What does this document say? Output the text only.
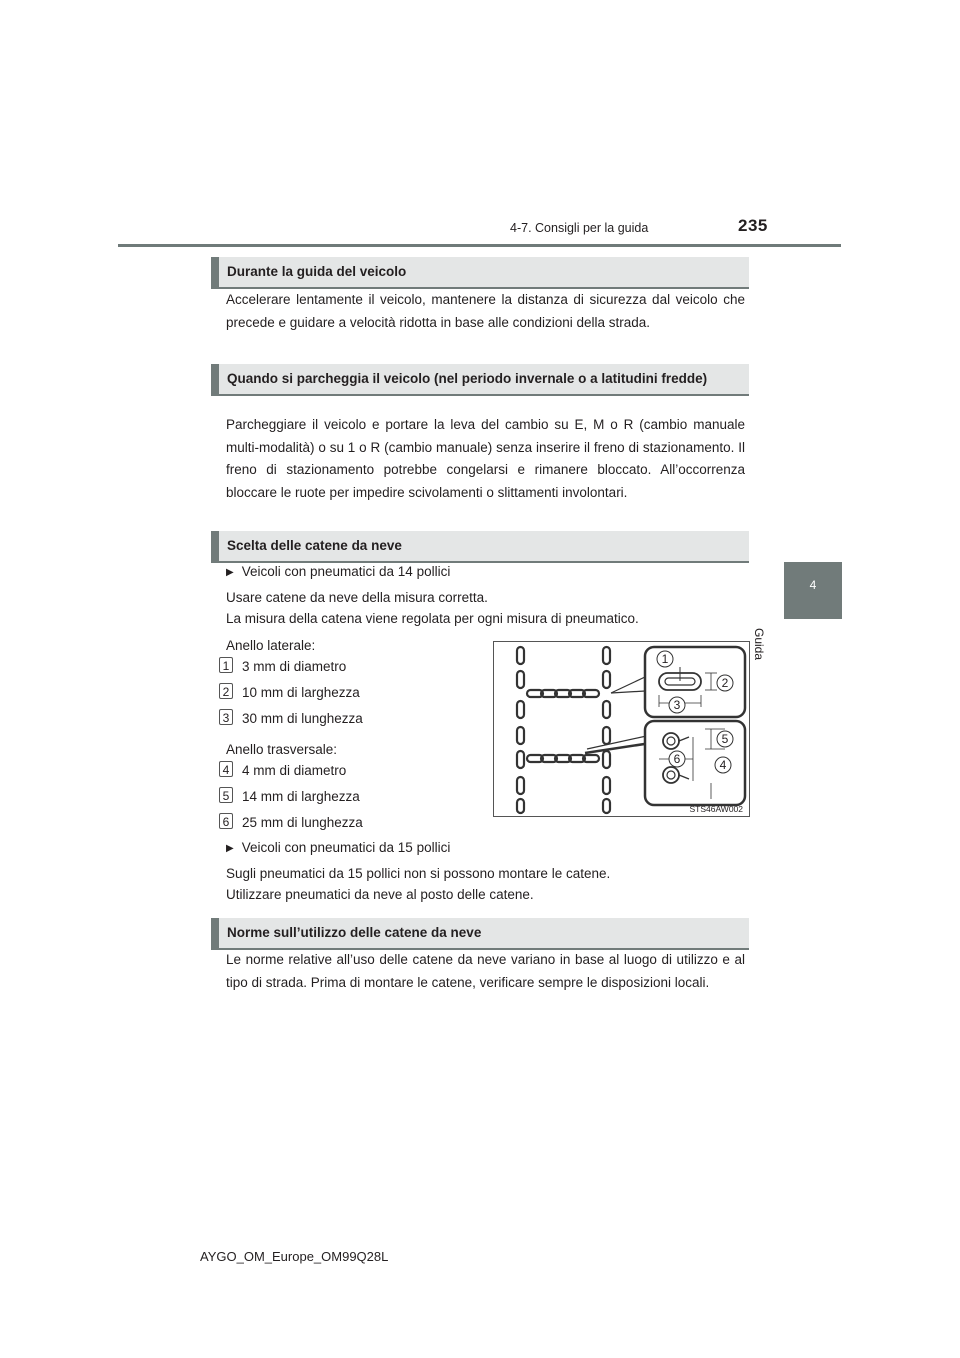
4-7. Consigli per la guida	235
4
Guida
Durante la guida del veicolo

Accelerare lentamente il veicolo, mantenere la distanza di sicurezza dal veicolo che precede e guidare a velocità ridotta in base alle condizioni della strada.

Quando si parcheggia il veicolo (nel periodo invernale o a latitudini fredde)

Parcheggiare il veicolo e portare la leva del cambio su E, M o R (cambio manuale multi-modalità) o su 1 o R (cambio manuale) senza inserire il freno di stazionamento. Il freno di stazionamento potrebbe congelarsi e rimanere bloccato. All’occorrenza bloccare le ruote per impedire scivolamenti o slittamenti involontari.

Scelta delle catene da neve
▶ Veicoli con pneumatici da 14 pollici
Usare catene da neve della misura corretta.
La misura della catena viene regolata per ogni misura di pneumatico.
Anello laterale:
1 3 mm di diametro
2 10 mm di larghezza
3 30 mm di lunghezza
Anello trasversale:
4 4 mm di diametro
5 14 mm di larghezza
6 25 mm di lunghezza
▶ Veicoli con pneumatici da 15 pollici
Sugli pneumatici da 15 pollici non si possono montare le catene.
Utilizzare pneumatici da neve al posto delle catene.
1
2
3
4
5
6
STS46AW002
Norme sull’utilizzo delle catene da neve

Le norme relative all’uso delle catene da neve variano in base al luogo di utilizzo e al tipo di strada. Prima di montare le catene, verificare sempre le disposizioni locali.

AYGO_OM_Europe_OM99Q28L
